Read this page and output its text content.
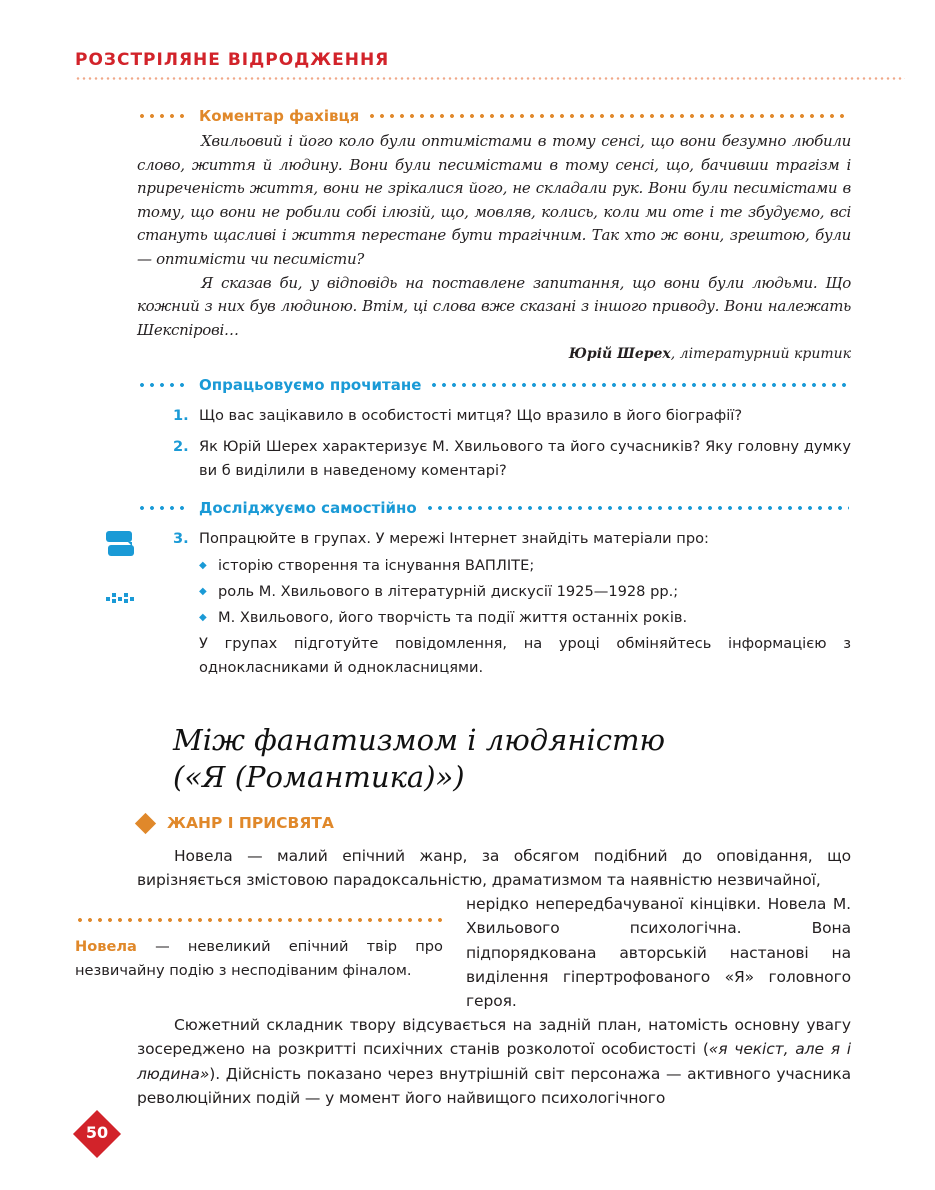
РОЗСТРІЛЯНЕ ВІДРОДЖЕННЯ
Коментар фахівця

Хвильовий і його коло були оптимістами в тому сенсі, що вони безумно любили слово, життя й людину. Вони були песимістами в тому сенсі, що, бачивши трагізм і приреченість життя, вони не зрікалися його, не складали рук. Вони були песимістами в тому, що вони не робили собі ілюзій, що, мовляв, колись, коли ми оте і те збудуємо, всі стануть щасливі і життя перестане бути трагічним. Так хто ж вони, зрештою, були — оптимісти чи песимісти?

Я сказав би, у відповідь на поставлене запитання, що вони були людьми. Що кожний з них був людиною. Втім, ці слова вже сказані з іншого приводу. Вони належать Шекспірові…

Юрій Шерех, літературний критик
Опрацьовуємо прочитане
1. Що вас зацікавило в особистості митця? Що вразило в його біографії?
2. Як Юрій Шерех характеризує М. Хвильового та його сучасників? Яку головну думку ви б виділили в наведеному коментарі?
Досліджуємо самостійно
3. Попрацюйте в групах. У мережі Інтернет знайдіть матеріали про:
◆ історію створення та існування ВАПЛІТЕ;
◆ роль М. Хвильового в літературній дискусії 1925—1928 рр.;
◆ М. Хвильового, його творчість та події життя останніх років.
У групах підготуйте повідомлення, на уроці обміняйтесь інформацією з однокласниками й однокласницями.
Між фанатизмом і людяністю
(«Я (Романтика)»)
ЖАНР І ПРИСВЯТА
Новела — малий епічний жанр, за обсягом подібний до оповідання, що вирізняється змістовою парадоксальністю, драматизмом та наявністю незвичайної,
нерідко непередбачуваної кінцівки. Новела М. Хвильового психологічна. Вона підпорядкована авторській настанові на виділення гіпертрофованого «Я» головного героя.
Новела — невеликий епічний твір про незвичайну подію з несподіваним фіналом.
Сюжетний складник твору відсувається на задній план, натомість основну увагу зосереджено на розкритті психічних станів розколотої особистості («я чекіст, але я і людина»). Дійсність показано через внутрішній світ персонажа — активного учасника революційних подій — у момент його найвищого психологічного
50
